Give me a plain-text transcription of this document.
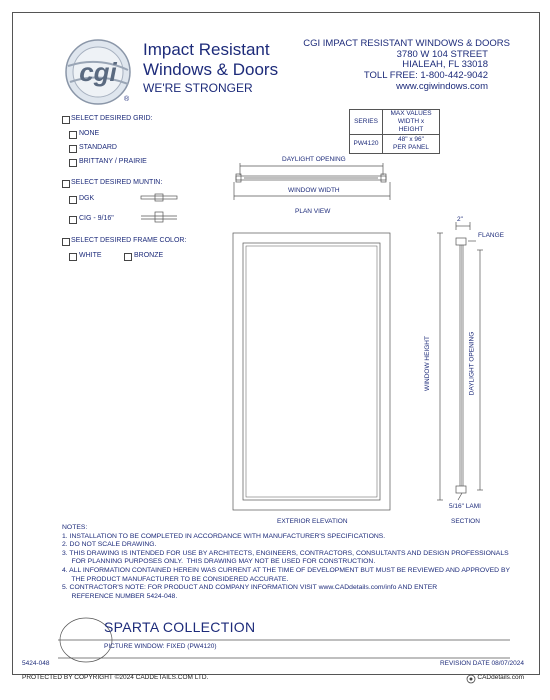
cgi
Impact Resistant
Windows & Doors
WE'RE STRONGER
®
CGI IMPACT RESISTANT WINDOWS & DOORS
3780 W 104 STREET
HIALEAH, FL 33018
TOLL FREE: 1-800-442-9042
www.cgiwindows.com
SELECT DESIRED GRID:
NONE
STANDARD
BRITTANY / PRAIRIE
SELECT DESIRED MUNTIN:
DGK
CIG - 9/16"
SELECT DESIRED FRAME COLOR:
WHITE	BRONZE
SERIES	MAX VALUES
WIDTH x HEIGHT

PW4120	48" x 96"
PER PANEL
DAYLIGHT OPENING
WINDOW WIDTH
PLAN VIEW
2"
FLANGE
WINDOW HEIGHT	DAYLIGHT OPENING
5/16" LAMI
SECTION
EXTERIOR ELEVATION
NOTES:
1. INSTALLATION TO BE COMPLETED IN ACCORDANCE WITH MANUFACTURER'S SPECIFICATIONS.
2. DO NOT SCALE DRAWING.
3. THIS DRAWING IS INTENDED FOR USE BY ARCHITECTS, ENGINEERS, CONTRACTORS, CONSULTANTS AND DESIGN PROFESSIONALS
FOR PLANNING PURPOSES ONLY.  THIS DRAWING MAY NOT BE USED FOR CONSTRUCTION.
4. ALL INFORMATION CONTAINED HEREIN WAS CURRENT AT THE TIME OF DEVELOPMENT BUT MUST BE REVIEWED AND APPROVED BY
THE PRODUCT MANUFACTURER TO BE CONSIDERED ACCURATE.
5. CONTRACTOR'S NOTE: FOR PRODUCT AND COMPANY INFORMATION VISIT www.CADdetails.com/info AND ENTER
REFERENCE NUMBER 5424-048.
SPARTA COLLECTION
PICTURE WINDOW: FIXED (PW4120)
5424-048	REVISION DATE 08/07/2024
PROTECTED BY COPYRIGHT ©2024 CADDETAILS.COM LTD.	CADdetails.com
